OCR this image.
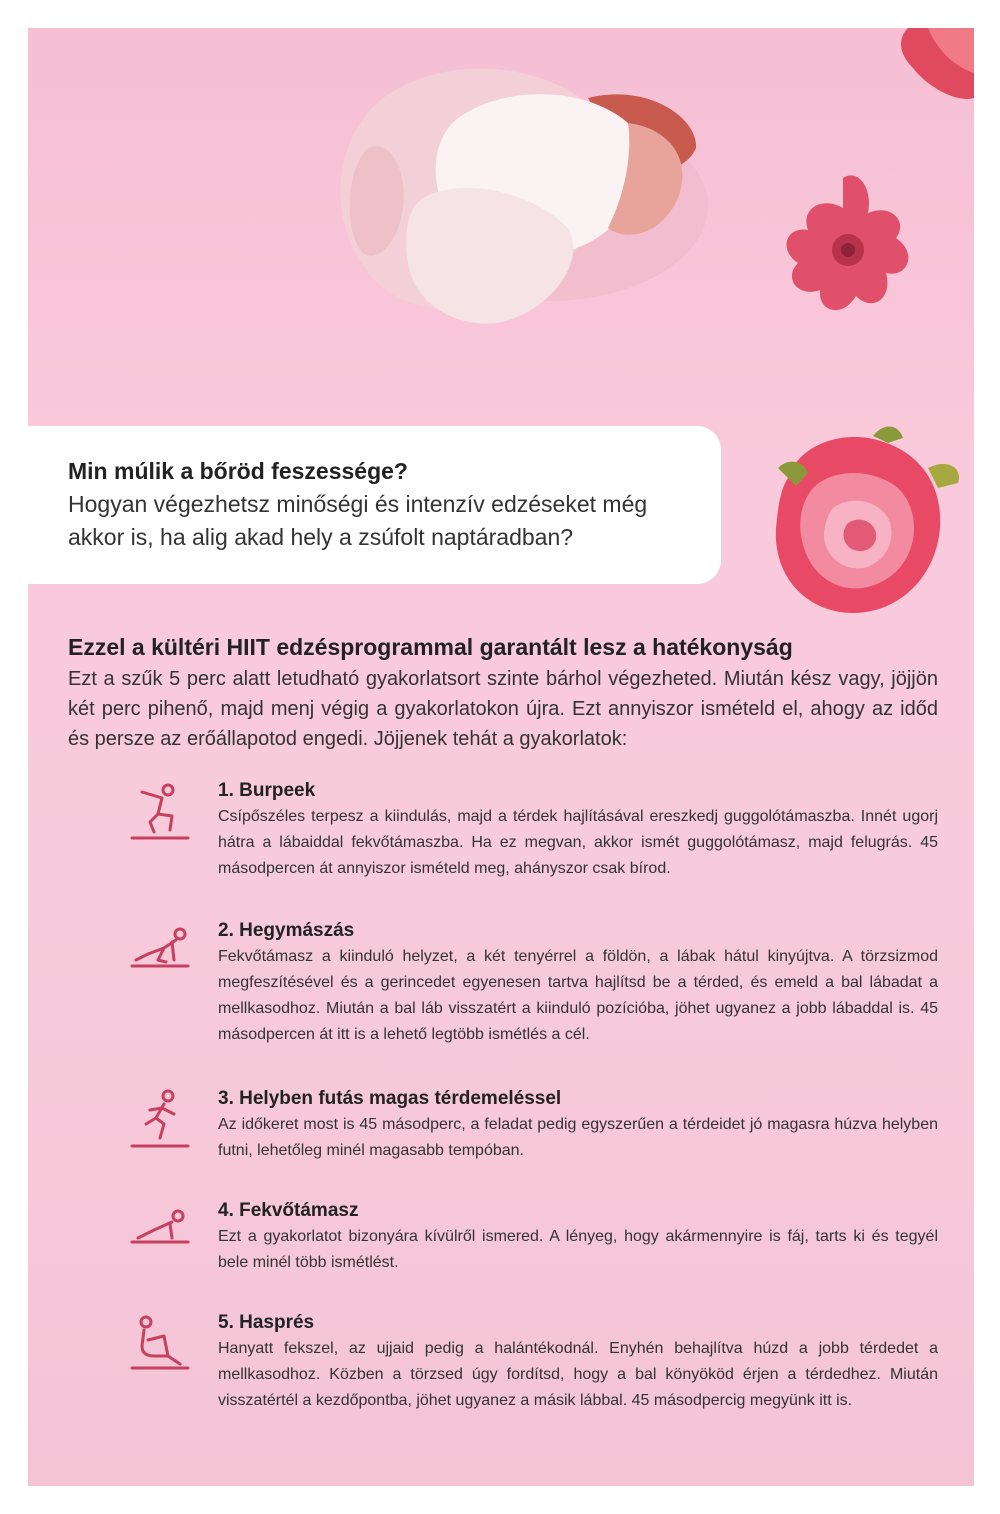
Min múlik a bőröd feszessége?
Hogyan végezhetsz minőségi és intenzív edzéseket még akkor is, ha alig akad hely a zsúfolt naptáradban?
Ezzel a kültéri HIIT edzésprogrammal garantált lesz a hatékonyság
Ezt a szűk 5 perc alatt letudható gyakorlatsort szinte bárhol végezheted. Miután kész vagy, jöjjön két perc pihenő, majd menj végig a gyakorlatokon újra. Ezt annyiszor ismételd el, ahogy az időd és persze az erőállapotod engedi. Jöjjenek tehát a gyakorlatok:
1. Burpeek
Csípőszéles terpesz a kiindulás, majd a térdek hajlításával ereszkedj guggolótámaszba. Innét ugorj hátra a lábaiddal fekvőtámaszba. Ha ez megvan, akkor ismét guggolótámasz, majd felugrás. 45 másodpercen át annyiszor ismételd meg, ahányszor csak bírod.
2. Hegymászás
Fekvőtámasz a kiinduló helyzet, a két tenyérrel a földön, a lábak hátul kinyújtva. A törzsizmod megfeszítésével és a gerincedet egyenesen tartva hajlítsd be a térded, és emeld a bal lábadat a mellkasodhoz. Miután a bal láb visszatért a kiinduló pozícióba, jöhet ugyanez a jobb lábaddal is. 45 másodpercen át itt is a lehető legtöbb ismétlés a cél.
3. Helyben futás magas térdemeléssel
Az időkeret most is 45 másodperc, a feladat pedig egyszerűen a térdeidet jó magasra húzva helyben futni, lehetőleg minél magasabb tempóban.
4. Fekvőtámasz
Ezt a gyakorlatot bizonyára kívülről ismered. A lényeg, hogy akármennyire is fáj, tarts ki és tegyél bele minél több ismétlést.
5. Hasprés
Hanyatt fekszel, az ujjaid pedig a halántékodnál. Enyhén behajlítva húzd a jobb térdedet a mellkasodhoz. Közben a törzsed úgy fordítsd, hogy a bal könyököd érjen a térdedhez. Miután visszatértél a kezdőpontba, jöhet ugyanez a másik lábbal. 45 másodpercig megyünk itt is.
